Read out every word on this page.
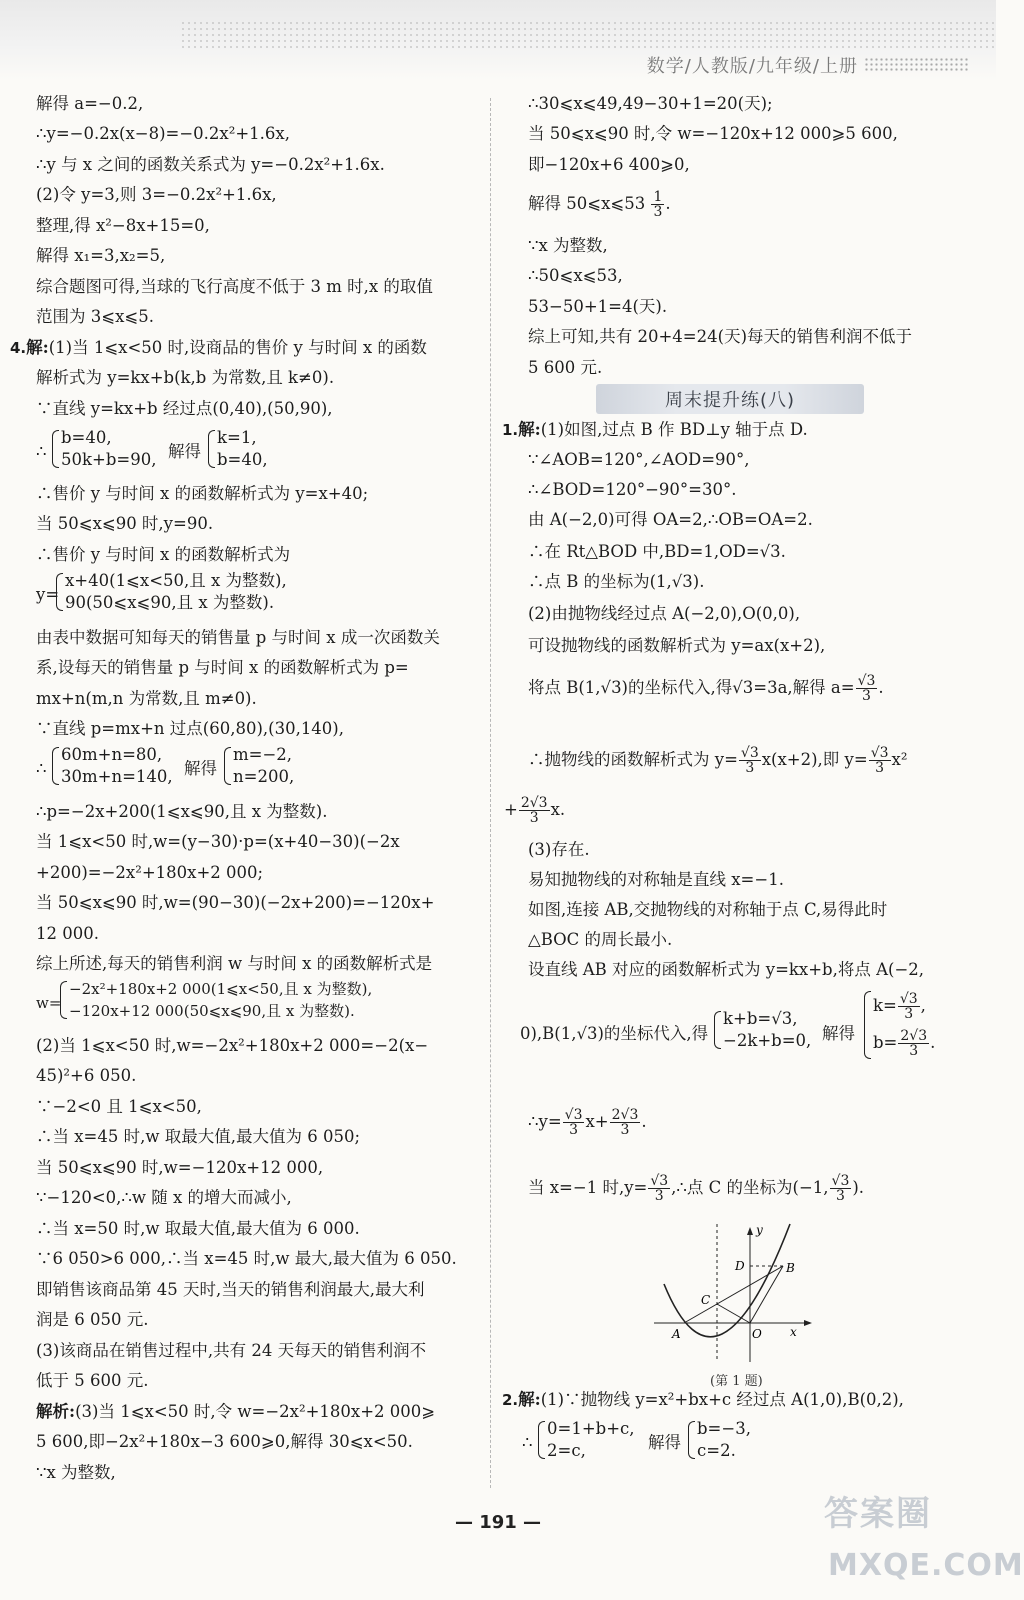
数学/人教版/九年级/上册
解得 a=−0.2,
∴y=−0.2x(x−8)=−0.2x²+1.6x,
∴y 与 x 之间的函数关系式为 y=−0.2x²+1.6x.
(2)令 y=3,则 3=−0.2x²+1.6x,
整理,得 x²−8x+15=0,
解得 x₁=3,x₂=5,
综合题图可得,当球的飞行高度不低于 3 m 时,x 的取值
范围为 3⩽x⩽5.
4.解:(1)当 1⩽x<50 时,设商品的售价 y 与时间 x 的函数
解析式为 y=kx+b(k,b 为常数,且 k≠0).
∵直线 y=kx+b 经过点(0,40),(50,90),
∴
b=40,
50k+b=90, 解得
k=1,
b=40,
∴售价 y 与时间 x 的函数解析式为 y=x+40;
当 50⩽x⩽90 时,y=90.
∴售价 y 与时间 x 的函数解析式为
y=
x+40(1⩽x<50,且 x 为整数),
90(50⩽x⩽90,且 x 为整数).
由表中数据可知每天的销售量 p 与时间 x 成一次函数关
系,设每天的销售量 p 与时间 x 的函数解析式为 p=
mx+n(m,n 为常数,且 m≠0).
∵直线 p=mx+n 过点(60,80),(30,140),
∴
60m+n=80,
30m+n=140, 解得
m=−2,
n=200,
∴p=−2x+200(1⩽x⩽90,且 x 为整数).
当 1⩽x<50 时,w=(y−30)·p=(x+40−30)(−2x
+200)=−2x²+180x+2 000;
当 50⩽x⩽90 时,w=(90−30)(−2x+200)=−120x+
12 000.
综上所述,每天的销售利润 w 与时间 x 的函数解析式是
w=
−2x²+180x+2 000(1⩽x<50,且 x 为整数),
−120x+12 000(50⩽x⩽90,且 x 为整数).
(2)当 1⩽x<50 时,w=−2x²+180x+2 000=−2(x−
45)²+6 050.
∵−2<0 且 1⩽x<50,
∴当 x=45 时,w 取最大值,最大值为 6 050;
当 50⩽x⩽90 时,w=−120x+12 000,
∵−120<0,∴w 随 x 的增大而减小,
∴当 x=50 时,w 取最大值,最大值为 6 000.
∵6 050>6 000,∴当 x=45 时,w 最大,最大值为 6 050.
即销售该商品第 45 天时,当天的销售利润最大,最大利
润是 6 050 元.
(3)该商品在销售过程中,共有 24 天每天的销售利润不
低于 5 600 元.
解析:(3)当 1⩽x<50 时,令 w=−2x²+180x+2 000⩾
5 600,即−2x²+180x−3 600⩾0,解得 30⩽x<50.
∵x 为整数,
∴30⩽x⩽49,49−30+1=20(天);
当 50⩽x⩽90 时,令 w=−120x+12 000⩾5 600,
即−120x+6 400⩾0,
解得 50⩽x⩽53 $\frac{1}{3}$ .
∵x 为整数,
∴50⩽x⩽53,
53−50+1=4(天).
综上可知,共有 20+4=24(天)每天的销售利润不低于
5 600 元.
1.解:(1)如图,过点 B 作 BD⊥y 轴于点 D.
∵∠AOB=120°,∠AOD=90°,
∴∠BOD=120°−90°=30°.
由 A(−2,0)可得 OA=2,∴OB=OA=2.
∴在 Rt△BOD 中,BD=1,OD=√3.
∴点 B 的坐标为(1,√3).
(2)由抛物线经过点 A(−2,0),O(0,0),
可设抛物线的函数解析式为 y=ax(x+2),
将点 B(1,√3)的坐标代入,得√3=3a,解得 $a= \frac{√3}{3}$ .
∴抛物线的函数解析式为 $y= \frac{√3}{3} x(x+2)$,即 $y= \frac{√3}{3} x^2$
+ $\frac{2√3}{3} x$.
(3)存在.
易知抛物线的对称轴是直线 x=−1.
如图,连接 AB,交抛物线的对称轴于点 C,易得此时
△BOC 的周长最小.
设直线 AB 对应的函数解析式为 y=kx+b,将点 A(−2,
0),B(1,√3)的坐标代入,得
k+b=√3,
−2k+b=0, 解得
$k= \frac{√3}{3}$ ,
$b= \frac{2√3}{3}$ .
∴y= $\frac{√3}{3} x+ \frac{2√3}{3}$ .
当 x=−1 时$,y= \frac{√3}{3}$ ,∴点 C 的坐标为(−1, $\frac{√3}{3}$ ).
2.解:(1)∵抛物线 y=x²+bx+c 经过点 A(1,0),B(0,2),
∴
0=1+b+c,
2=c,	解得
b=−3,
c=2.
周末提升练(八)
y
x
D	B
C
A	O
(第 1 题)
— 191 —	答案圈
MXQE.COM
